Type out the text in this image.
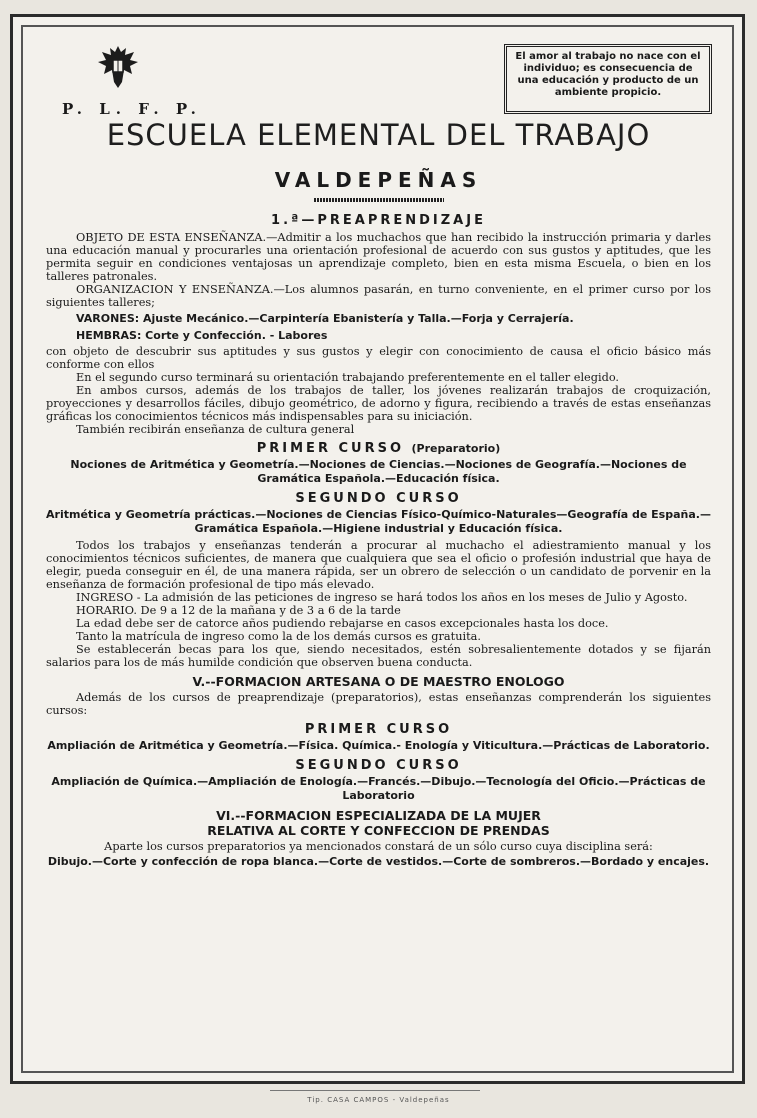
P. L. F. P.
El amor al trabajo no nace con el individuo; es consecuencia de una educación y producto de un ambiente propicio.
ESCUELA ELEMENTAL DEL TRABAJO
VALDEPEÑAS
1.ª—PREAPRENDIZAJE

OBJETO DE ESTA ENSEÑANZA.—Admitir a los muchachos que han recibido la instrucción primaria y darles una educación manual y procurarles una orientación profesional de acuerdo con sus gustos y aptitudes, que les permita seguir en condiciones ventajosas un aprendizaje completo, bien en esta misma Escuela, o bien en los talleres patronales.

ORGANIZACION Y ENSEÑANZA.—Los alumnos pasarán, en turno conveniente, en el primer curso por los siguientes talleres;

VARONES: Ajuste Mecánico.—Carpintería Ebanistería y Talla.—Forja y Cerrajería.
HEMBRAS: Corte y Confección. - Labores

con objeto de descubrir sus aptitudes y sus gustos y elegir con conocimiento de causa el oficio básico más conforme con ellos

En el segundo curso terminará su orientación trabajando preferentemente en el taller elegido.

En ambos cursos, además de los trabajos de taller, los jóvenes realizarán trabajos de croquización, proyecciones y desarrollos fáciles, dibujo geométrico, de adorno y figura, recibiendo a través de estas enseñanzas gráficas los conocimientos técnicos más indispensables para su iniciación.

También recibirán enseñanza de cultura general

PRIMER CURSO (Preparatorio)

Nociones de Aritmética y Geometría.—Nociones de Ciencias.—Nociones de Geografía.—Nociones de Gramática Española.—Educación física.

SEGUNDO CURSO

Aritmética y Geometría prácticas.—Nociones de Ciencias Físico-Químico-Naturales—Geografía de España.—Gramática Española.—Higiene industrial y Educación física.

Todos los trabajos y enseñanzas tenderán a procurar al muchacho el adiestramiento manual y los conocimientos técnicos suficientes, de manera que cualquiera que sea el oficio o profesión industrial que haya de elegir, pueda conseguir en él, de una manera rápida, ser un obrero de selección o un candidato de porvenir en la enseñanza de formación profesional de tipo más elevado.

INGRESO - La admisión de las peticiones de ingreso se hará todos los años en los meses de Julio y Agosto.

HORARIO. De 9 a 12 de la mañana y de 3 a 6 de la tarde

La edad debe ser de catorce años pudiendo rebajarse en casos excepcionales hasta los doce.

Tanto la matrícula de ingreso como la de los demás cursos es gratuita.

Se establecerán becas para los que, siendo necesitados, estén sobresalientemente dotados y se fijarán salarios para los de más humilde condición que observen buena conducta.

V.--FORMACION ARTESANA O DE MAESTRO ENOLOGO

Además de los cursos de preaprendizaje (preparatorios), estas enseñanzas comprenderán los siguientes cursos:

PRIMER CURSO

Ampliación de Aritmética y Geometría.—Física. Química.- Enología y Viticultura.—Prácticas de Laboratorio.

SEGUNDO CURSO

Ampliación de Química.—Ampliación de Enología.—Francés.—Dibujo.—Tecnología del Oficio.—Prácticas de Laboratorio

VI.--FORMACION ESPECIALIZADA DE LA MUJER
RELATIVA AL CORTE Y CONFECCION DE PRENDAS

Aparte los cursos preparatorios ya mencionados constará de un sólo curso cuya disciplina será:

Dibujo.—Corte y confección de ropa blanca.—Corte de vestidos.—Corte de sombreros.—Bordado y encajes.

Tip. CASA CAMPOS - Valdepeñas
